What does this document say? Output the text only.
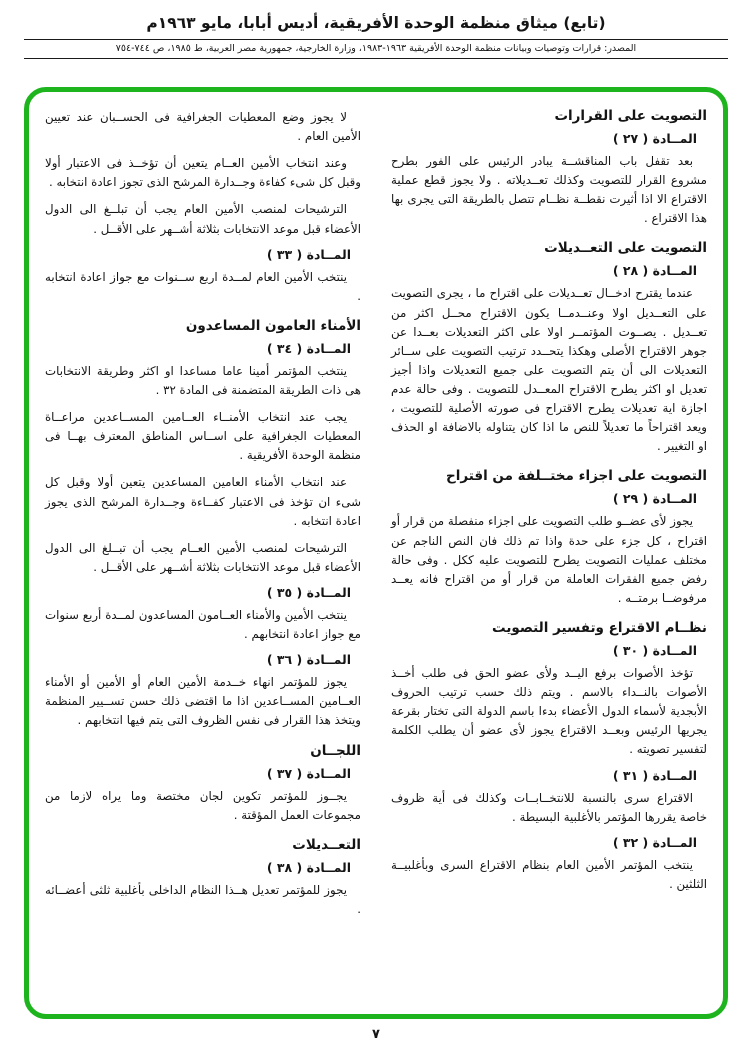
(تابع) ميثاق منظمة الوحدة الأفريقية، أديس أبابا، مايو ١٩٦٣م
المصدر: قرارات وتوصيات وبيانات منظمة الوحدة الأفريقية ١٩٦٣-١٩٨٣، وزارة الخارجية، جمهورية مصر العربية، ط ١٩٨٥، ص ٧٤٤-٧٥٤
التصويت على القرارات
المــادة ( ٢٧ )
بعد تقفل باب المناقشــة يبادر الرئيس على الفور بطرح مشروع القرار للتصويت وكذلك تعــديلاته . ولا يجوز قطع عملية الاقتراع الا اذا أثيرت نقطــة نظــام تتصل بالطريقة التى يجرى بها هذا الاقتراع .
التصويت على التعــديلات
المــادة ( ٢٨ )
عندما يقترح ادخــال تعــديلات على اقتراح ما ، يجرى التصويت على التعــديل اولا وعنــدمــا يكون الاقتراح محــل اكثر من تعــديل . يصــوت المؤتمــر اولا على اكثر التعديلات بعــدا عن جوهر الاقتراح الأصلى وهكذا يتحــدد ترتيب التصويت على ســائر التعديلات الى أن يتم التصويت على جميع التعديلات واذا أجيز تعديل او اكثر يطرح الاقتراح المعــدل للتصويت . وفى حالة عدم اجازة اية تعديلات يطرح الاقتراح فى صورته الأصلية للتصويت ، ويعد اقتراحاً ما تعديلاً للنص ما اذا كان يتناوله بالاضافة او الحذف او التغيير .
التصويت على اجزاء مختــلفة من اقتراح
المــادة ( ٢٩ )
يجوز لأى عضــو طلب التصويت على اجزاء منفصلة من قرار أو اقتراح ، كل جزء على حدة واذا تم ذلك فان النص الناجم عن مختلف عمليات التصويت يطرح للتصويت عليه ككل . وفى حالة رفض جميع الفقرات العاملة من قرار أو من اقتراح فانه يعــد مرفوضــا برمتــه .
نظــام الاقتراع وتفسير التصويت
المــادة ( ٣٠ )
تؤخذ الأصوات برفع اليــد ولأى عضو الحق فى طلب أخــذ الأصوات بالنــداء بالاسم . ويتم ذلك حسب ترتيب الحروف الأبجدية لأسماء الدول الأعضاء بدءا باسم الدولة التى تختار بقرعة يجريها الرئيس وبعــد الاقتراع يجوز لأى عضو أن يطلب الكلمة لتفسير تصويته .
المــادة ( ٣١ )
الاقتراع سرى بالنسبة للانتخــابــات وكذلك فى أية ظروف خاصة يقررها المؤتمر بالأغلبية البسيطة .
المــادة ( ٣٢ )
ينتخب المؤتمر الأمين العام بنظام الاقتراع السرى وبأغلبيــة الثلثين .
لا يجوز وضع المعطيات الجغرافية فى الحســبان عند تعيين الأمين العام .
وعند انتخاب الأمين العــام يتعين أن تؤخــذ فى الاعتبار أولا وقبل كل شىء كفاءة وجــدارة المرشح الذى تجوز اعادة انتخابه .
الترشيحات لمنصب الأمين العام يجب أن تبلــغ الى الدول الأعضاء قبل موعد الانتخابات بثلاثة أشــهر على الأقــل .
المــادة ( ٣٣ )
ينتخب الأمين العام لمــدة اربع ســنوات مع جواز اعادة انتخابه .
الأمناء العامون المساعدون
المــادة ( ٣٤ )
ينتخب المؤتمر أمينا عاما مساعدا او اكثر وطريقة الانتخابات هى ذات الطريقة المتضمنة فى المادة ٣٢ .
يجب عند انتخاب الأمنــاء العــامين المســاعدين مراعــاة المعطيات الجغرافية على اســاس المناطق المعترف بهــا فى منظمة الوحدة الأفريقية .
عند انتخاب الأمناء العامين المساعدين يتعين أولا وقبل كل شىء ان تؤخذ فى الاعتبار كفــاءة وجــدارة المرشح الذى يجوز اعادة انتخابه .
الترشيحات لمنصب الأمين العــام يجب أن تبــلغ الى الدول الأعضاء قبل موعد الانتخابات بثلاثة أشــهر على الأقــل .
المــادة ( ٣٥ )
ينتخب الأمين والأمناء العــامون المساعدون لمــدة أربع سنوات مع جواز اعادة انتخابهم .
المــادة ( ٣٦ )
يجوز للمؤتمر انهاء خــدمة الأمين العام أو الأمين أو الأمناء العــامين المســاعدين اذا ما اقتضى ذلك حسن تســيير المنظمة ويتخذ هذا القرار فى نفس الظروف التى يتم فيها انتخابهم .
اللجــان
المــادة ( ٣٧ )
يجــوز للمؤتمر تكوين لجان مختصة وما يراه لازما من مجموعات العمل المؤقتة .
التعــديلات
المــادة ( ٣٨ )
يجوز للمؤتمر تعديل هــذا النظام الداخلى بأغلبية ثلثى أعضــائه .
٧
